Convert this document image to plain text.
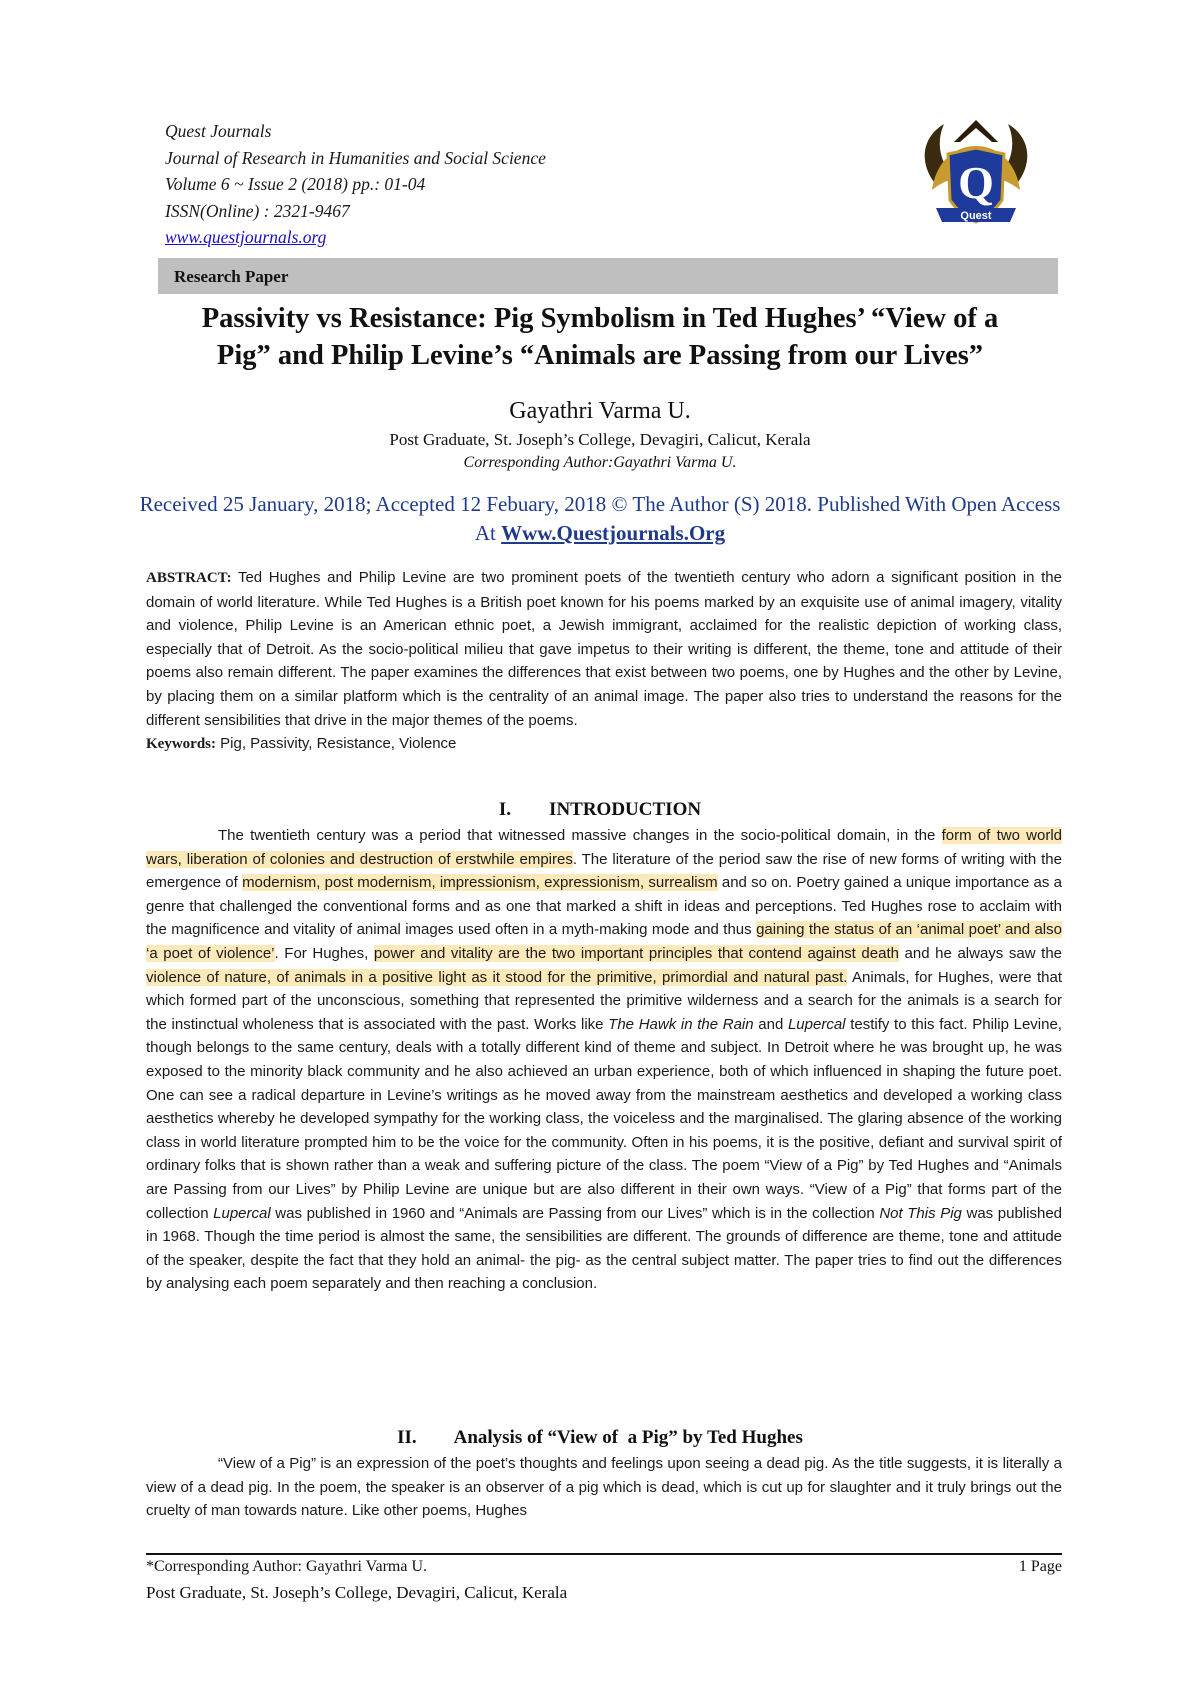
Quest Journals
Journal of Research in Humanities and Social Science
Volume 6 ~ Issue 2 (2018) pp.: 01-04
ISSN(Online) : 2321-9467
www.questjournals.org
Q
Quest
Research Paper
Passivity vs Resistance: Pig Symbolism in Ted Hughes’ “View of a
Pig” and Philip Levine’s “Animals are Passing from our Lives”
Gayathri Varma U.
Post Graduate, St. Joseph’s College, Devagiri, Calicut, Kerala
Corresponding Author:Gayathri Varma U.
Received 25 January, 2018; Accepted 12 Febuary, 2018 © The Author (S) 2018. Published With Open Access At Www.Questjournals.Org
ABSTRACT: Ted Hughes and Philip Levine are two prominent poets of the twentieth century who adorn a significant position in the domain of world literature. While Ted Hughes is a British poet known for his poems marked by an exquisite use of animal imagery, vitality and violence, Philip Levine is an American ethnic poet, a Jewish immigrant, acclaimed for the realistic depiction of working class, especially that of Detroit. As the socio-political milieu that gave impetus to their writing is different, the theme, tone and attitude of their poems also remain different. The paper examines the differences that exist between two poems, one by Hughes and the other by Levine, by placing them on a similar platform which is the centrality of an animal image. The paper also tries to understand the reasons for the different sensibilities that drive in the major themes of the poems.
Keywords: Pig, Passivity, Resistance, Violence
I.        INTRODUCTION
The twentieth century was a period that witnessed massive changes in the socio-political domain, in the form of two world wars, liberation of colonies and destruction of erstwhile empires. The literature of the period saw the rise of new forms of writing with the emergence of modernism, post modernism, impressionism, expressionism, surrealism and so on. Poetry gained a unique importance as a genre that challenged the conventional forms and as one that marked a shift in ideas and perceptions. Ted Hughes rose to acclaim with the magnificence and vitality of animal images used often in a myth-making mode and thus gaining the status of an ‘animal poet’ and also ‘a poet of violence’. For Hughes, power and vitality are the two important principles that contend against death and he always saw the violence of nature, of animals in a positive light as it stood for the primitive, primordial and natural past. Animals, for Hughes, were that which formed part of the unconscious, something that represented the primitive wilderness and a search for the animals is a search for the instinctual wholeness that is associated with the past. Works like The Hawk in the Rain and Lupercal testify to this fact. Philip Levine, though belongs to the same century, deals with a totally different kind of theme and subject. In Detroit where he was brought up, he was exposed to the minority black community and he also achieved an urban experience, both of which influenced in shaping the future poet. One can see a radical departure in Levine’s writings as he moved away from the mainstream aesthetics and developed a working class aesthetics whereby he developed sympathy for the working class, the voiceless and the marginalised. The glaring absence of the working class in world literature prompted him to be the voice for the community. Often in his poems, it is the positive, defiant and survival spirit of ordinary folks that is shown rather than a weak and suffering picture of the class. The poem “View of a Pig” by Ted Hughes and “Animals are Passing from our Lives” by Philip Levine are unique but are also different in their own ways. “View of a Pig” that forms part of the collection Lupercal was published in 1960 and “Animals are Passing from our Lives” which is in the collection Not This Pig was published in 1968. Though the time period is almost the same, the sensibilities are different. The grounds of difference are theme, tone and attitude of the speaker, despite the fact that they hold an animal- the pig- as the central subject matter. The paper tries to find out the differences by analysing each poem separately and then reaching a conclusion.
II.        Analysis of “View of  a Pig” by Ted Hughes
“View of a Pig” is an expression of the poet’s thoughts and feelings upon seeing a dead pig. As the title suggests, it is literally a view of a dead pig. In the poem, the speaker is an observer of a pig which is dead, which is cut up for slaughter and it truly brings out the cruelty of man towards nature. Like other poems, Hughes
*Corresponding Author: Gayathri Varma U.	1 Page
Post Graduate, St. Joseph’s College, Devagiri, Calicut, Kerala
